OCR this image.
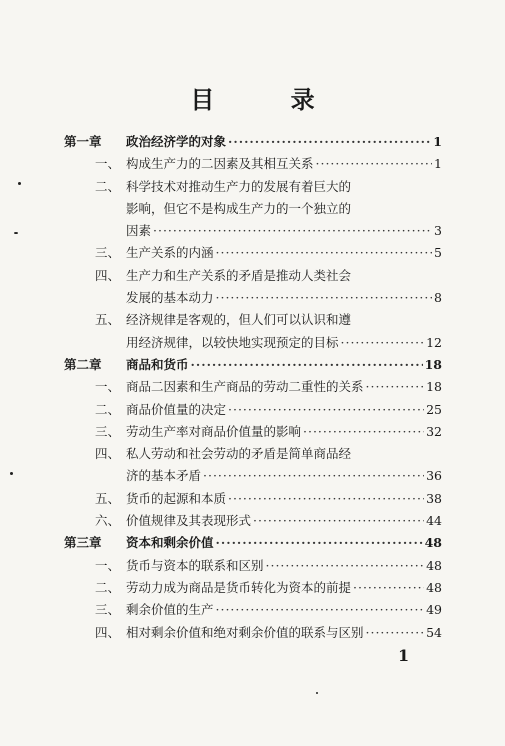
目 录
第一章	政治经济学的对象 ·····	1
一、 构成生产力的二因素及其相互关系 ·····	1
二、 科学技术对推动生产力的发展有着巨大的
影响，但它不是构成生产力的一个独立的
因素 ·····	3
三、 生产关系的内涵 ·····	5
四、 生产力和生产关系的矛盾是推动人类社会
发展的基本动力 ·····	8
五、 经济规律是客观的，但人们可以认识和遵
用经济规律，以较快地实现预定的目标 ·····	12
第二章	商品和货币 ·····	18
一、 商品二因素和生产商品的劳动二重性的关系 ·····	18
二、 商品价值量的决定 ·····	25
三、 劳动生产率对商品价值量的影响 ·····	32
四、 私人劳动和社会劳动的矛盾是简单商品经
济的基本矛盾 ·····	36
五、 货币的起源和本质 ·····	38
六、 价值规律及其表现形式 ·····	44
第三章	资本和剩余价值 ·····	48
一、 货币与资本的联系和区别 ·····	48
二、 劳动力成为商品是货币转化为资本的前提 ·····	48
三、 剩余价值的生产 ·····	49
四、 相对剩余价值和绝对剩余价值的联系与区别 ·····	54
1
